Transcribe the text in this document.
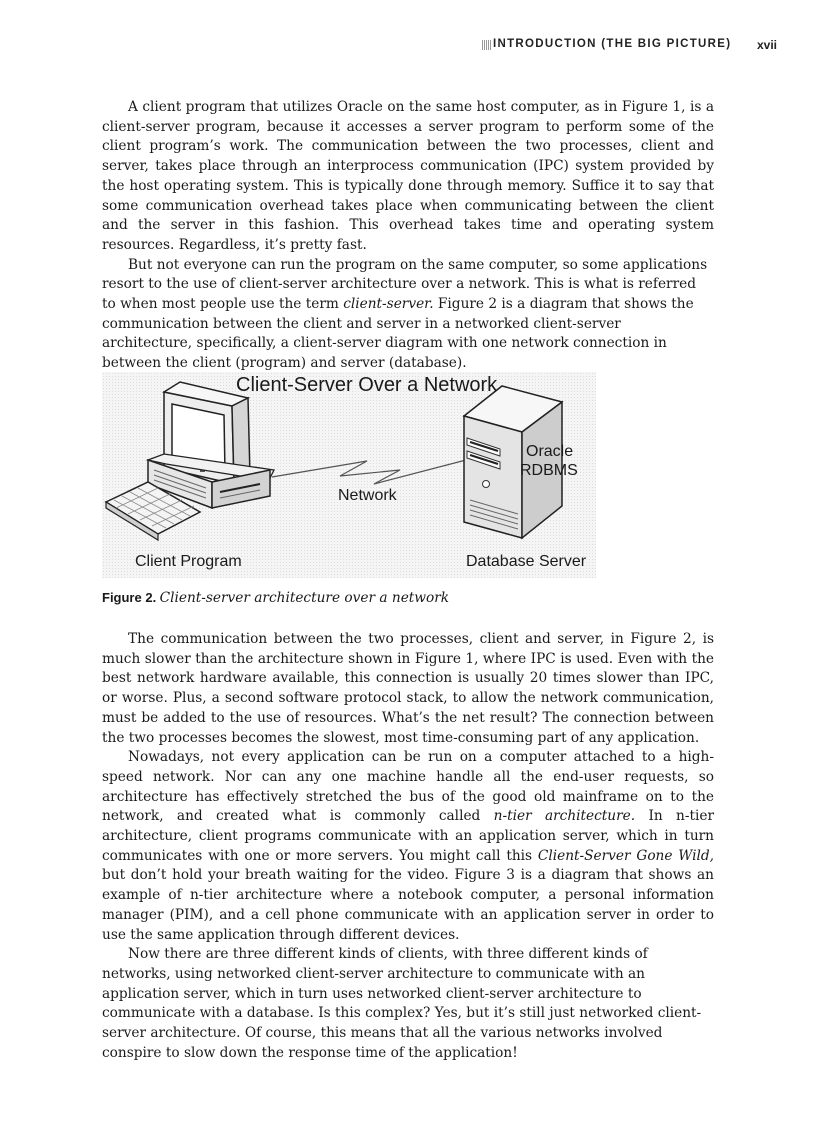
INTRODUCTION (THE BIG PICTURE) xvii

A client program that utilizes Oracle on the same host computer, as in Figure 1, is a client-server program, because it accesses a server program to perform some of the client program’s work. The communication between the two processes, client and server, takes place through an interprocess communication (IPC) system provided by the host operating system. This is typically done through memory. Suffice it to say that some communication overhead takes place when communicating between the client and the server in this fashion. This overhead takes time and operating system resources. Regardless, it’s pretty fast.

But not everyone can run the program on the same computer, so some applications resort to the use of client-server architecture over a network. This is what is referred to when most people use the term client-server. Figure 2 is a diagram that shows the communication between the client and server in a networked client-server architecture, specifically, a client-server diagram with one network connection in between the client (program) and server (database).

Client-Server Over a Network
Network
Oracle
RDBMS
Client Program	Database Server
Figure 2. Client-server architecture over a network

The communication between the two processes, client and server, in Figure 2, is much slower than the architecture shown in Figure 1, where IPC is used. Even with the best network hardware available, this connection is usually 20 times slower than IPC, or worse. Plus, a second software protocol stack, to allow the network communication, must be added to the use of resources. What’s the net result? The connection between the two processes becomes the slowest, most time-consuming part of any application.

Nowadays, not every application can be run on a computer attached to a high-speed network. Nor can any one machine handle all the end-user requests, so architecture has effectively stretched the bus of the good old mainframe on to the network, and created what is commonly called n-tier architecture. In n-tier architecture, client programs communicate with an application server, which in turn communicates with one or more servers. You might call this Client-Server Gone Wild, but don’t hold your breath waiting for the video. Figure 3 is a diagram that shows an example of n-tier architecture where a notebook computer, a personal information manager (PIM), and a cell phone communicate with an application server in order to use the same application through different devices.

Now there are three different kinds of clients, with three different kinds of networks, using networked client-server architecture to communicate with an application server, which in turn uses networked client-server architecture to communicate with a database. Is this complex? Yes, but it’s still just networked client-server architecture. Of course, this means that all the various networks involved conspire to slow down the response time of the application!
